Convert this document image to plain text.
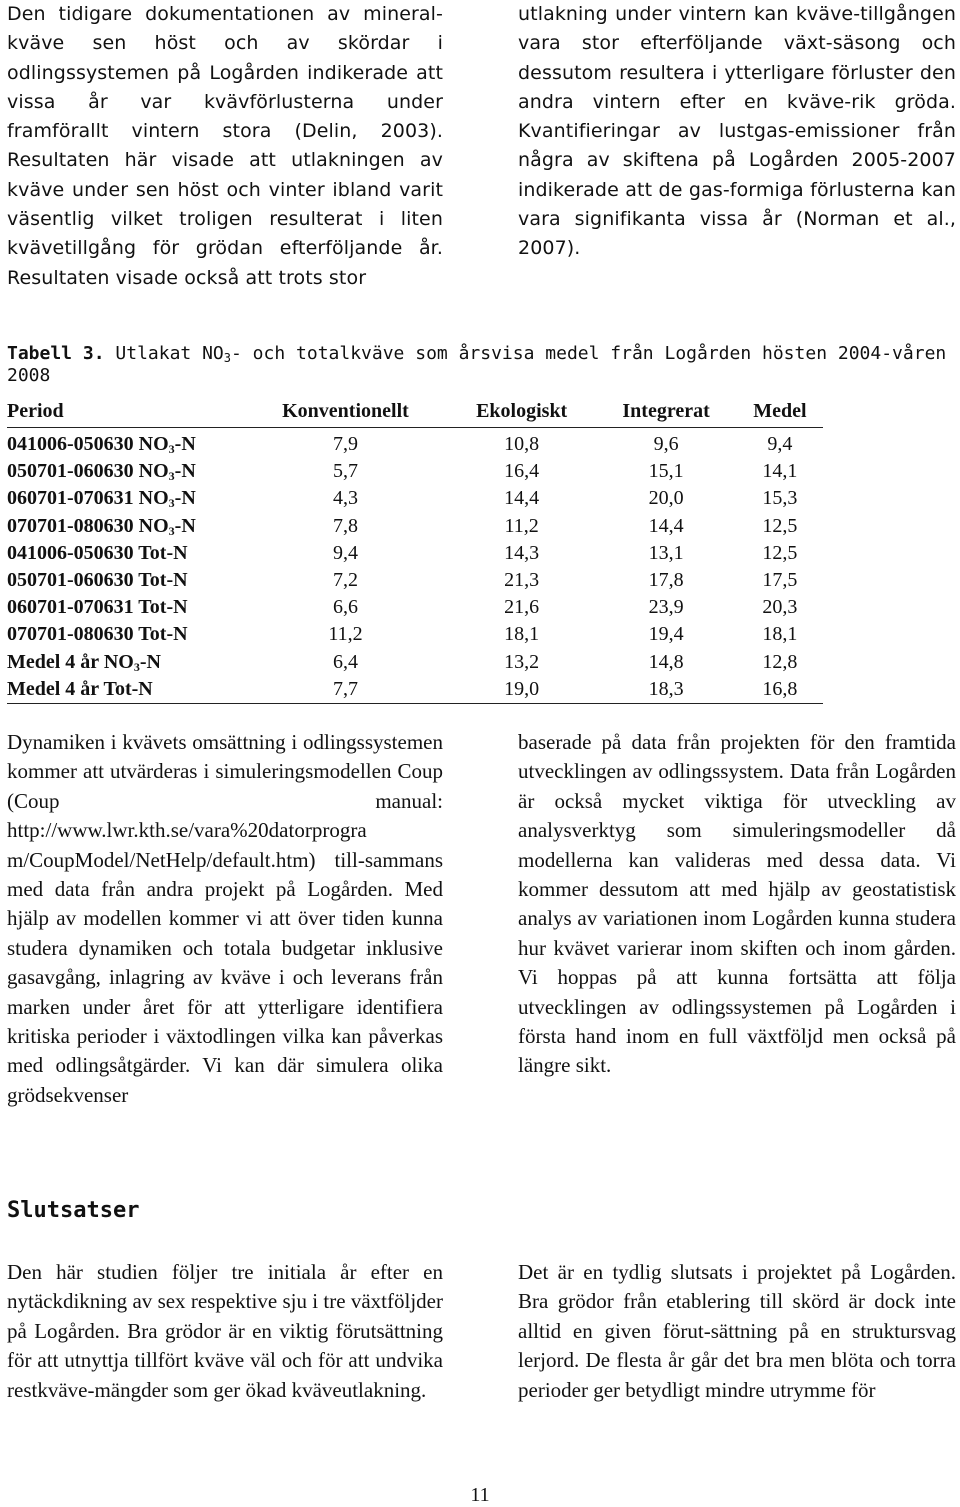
Den tidigare dokumentationen av mineral-kväve sen höst och av skördar i odlingssystemen på Logården indikerade att vissa år var kvävförlusterna under framförallt vintern stora (Delin, 2003). Resultaten här visade att utlakningen av kväve under sen höst och vinter ibland varit väsentlig vilket troligen resulterat i liten kvävetillgång för grödan efterföljande år. Resultaten visade också att trots stor

utlakning under vintern kan kväve-tillgången vara stor efterföljande växt-säsong och dessutom resultera i ytterligare förluster den andra vintern efter en kväve-rik gröda. Kvantifieringar av lustgas-emissioner från några av skiftena på Logården 2005-2007 indikerade att de gas-formiga förlusterna kan vara signifikanta vissa år (Norman et al., 2007).

Tabell 3. Utlakat $NO_3-$ och totalkväve som årsvisa medel från Logården hösten 2004-våren 2008
Period	Konventionellt	Ekologiskt	Integrerat	Medel
041006-050630 $NO_3-N$	7,9	10,8	9,6	9,4
050701-060630 $NO_3-N$	5,7	16,4	15,1	14,1
060701-070631 $NO_3-N$	4,3	14,4	20,0	15,3
070701-080630 $NO_3-N$	7,8	11,2	14,4	12,5
041006-050630 Tot-N	9,4	14,3	13,1	12,5
050701-060630 Tot-N	7,2	21,3	17,8	17,5
060701-070631 Tot-N	6,6	21,6	23,9	20,3
070701-080630 Tot-N	11,2	18,1	19,4	18,1
Medel 4 år $NO_3-N$	6,4	13,2	14,8	12,8
Medel 4 år Tot-N	7,7	19,0	18,3	16,8

Dynamiken i kvävets omsättning i odlingssystemen kommer att utvärderas i simuleringsmodellen Coup (Coup manual: http://www.lwr.kth.se/vara%20datorprogra m/CoupModel/NetHelp/default.htm) till-sammans med data från andra projekt på Logården. Med hjälp av modellen kommer vi att över tiden kunna studera dynamiken och totala budgetar inklusive gasavgång, inlagring av kväve i och leverans från marken under året för att ytterligare identifiera kritiska perioder i växtodlingen vilka kan påverkas med odlingsåtgärder. Vi kan där simulera olika grödsekvenser

baserade på data från projekten för den framtida utvecklingen av odlingssystem. Data från Logården är också mycket viktiga för utveckling av analysverktyg som simuleringsmodeller då modellerna kan valideras med dessa data. Vi kommer dessutom att med hjälp av geostatistisk analys av variationen inom Logården kunna studera hur kvävet varierar inom skiften och inom gården. Vi hoppas på att kunna fortsätta att följa utvecklingen av odlingssystemen på Logården i första hand inom en full växtföljd men också på längre sikt.

Slutsatser

Den här studien följer tre initiala år efter en nytäckdikning av sex respektive sju i tre växtföljder på Logården. Bra grödor är en viktig förutsättning för att utnyttja tillfört kväve väl och för att undvika restkväve-mängder som ger ökad kväveutlakning.

Det är en tydlig slutsats i projektet på Logården. Bra grödor från etablering till skörd är dock inte alltid en given förut-sättning på en struktursvag lerjord. De flesta år går det bra men blöta och torra perioder ger betydligt mindre utrymme för

11
